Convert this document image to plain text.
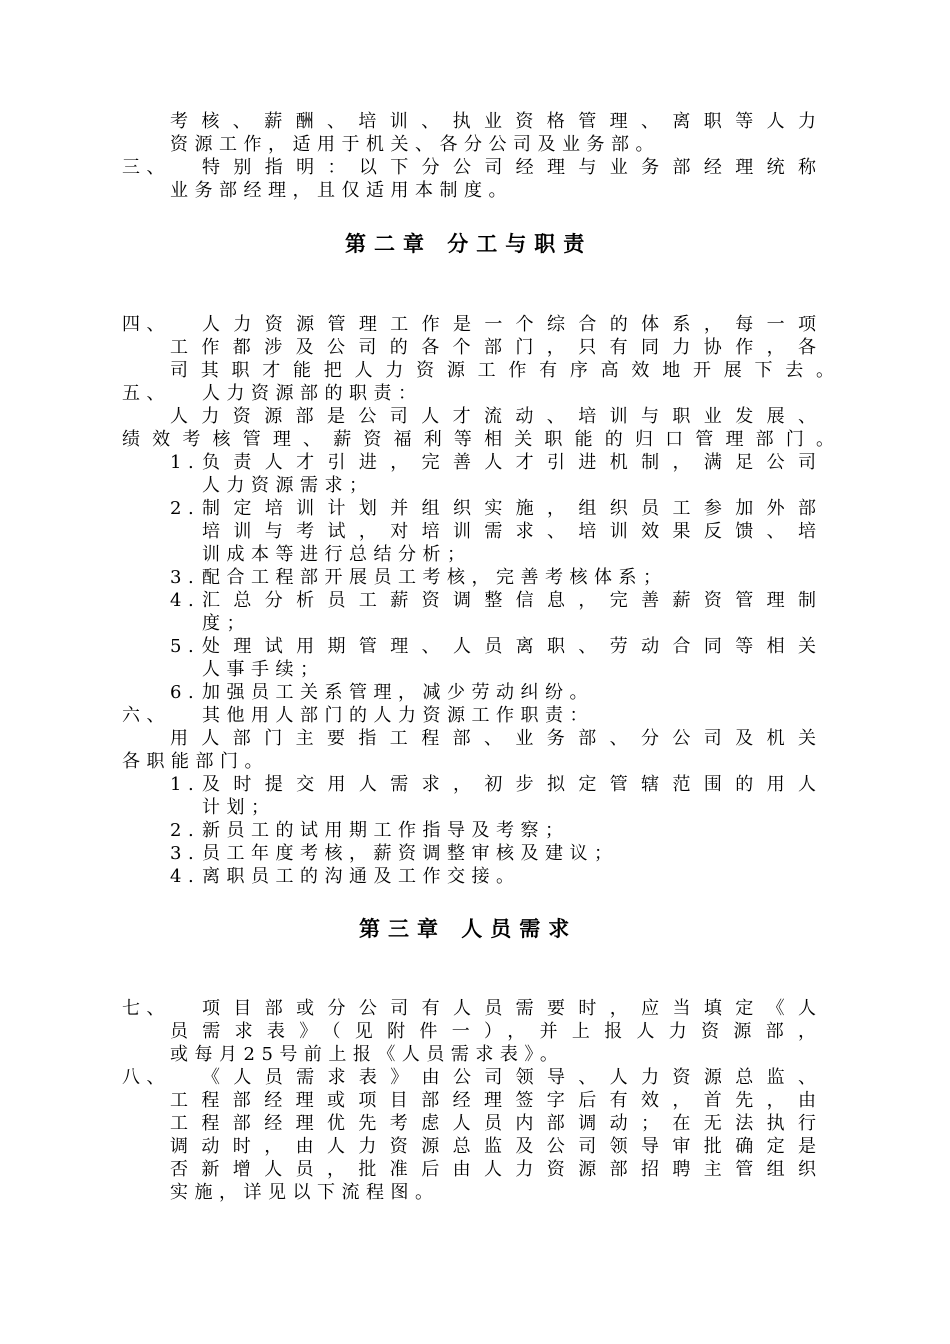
考核、薪酬、培训、执业资格管理、离职等人力
资源工作，适用于机关、各分公司及业务部。
三、 特别指明：以下分公司经理与业务部经理统称
业务部经理，且仅适用本制度。
第二章 分工与职责
四、 人力资源管理工作是一个综合的体系，每一项
工作都涉及公司的各个部门，只有同力协作，各
司其职才能把人力资源工作有序高效地开展下去。
五、 人力资源部的职责：
人力资源部是公司人才流动、培训与职业发展、
绩效考核管理、薪资福利等相关职能的归口管理部门。
1. 负责人才引进，完善人才引进机制，满足公司
人力资源需求；
2. 制定培训计划并组织实施，组织员工参加外部
培训与考试，对培训需求、培训效果反馈、培
训成本等进行总结分析；
3. 配合工程部开展员工考核，完善考核体系；
4. 汇总分析员工薪资调整信息，完善薪资管理制
度；
5. 处理试用期管理、人员离职、劳动合同等相关
人事手续；
6. 加强员工关系管理，减少劳动纠纷。
六、 其他用人部门的人力资源工作职责：
用人部门主要指工程部、业务部、分公司及机关
各职能部门。
1. 及时提交用人需求，初步拟定管辖范围的用人
计划；
2. 新员工的试用期工作指导及考察；
3. 员工年度考核，薪资调整审核及建议；
4. 离职员工的沟通及工作交接。
第三章 人员需求
七、 项目部或分公司有人员需要时，应当填定《人
员需求表》（见附件一），并上报人力资源部，
或每月25号前上报《人员需求表》。
八、 《人员需求表》由公司领导、人力资源总监、
工程部经理或项目部经理签字后有效，首先，由
工程部经理优先考虑人员内部调动；在无法执行
调动时，由人力资源总监及公司领导审批确定是
否新增人员，批准后由人力资源部招聘主管组织
实施，详见以下流程图。
